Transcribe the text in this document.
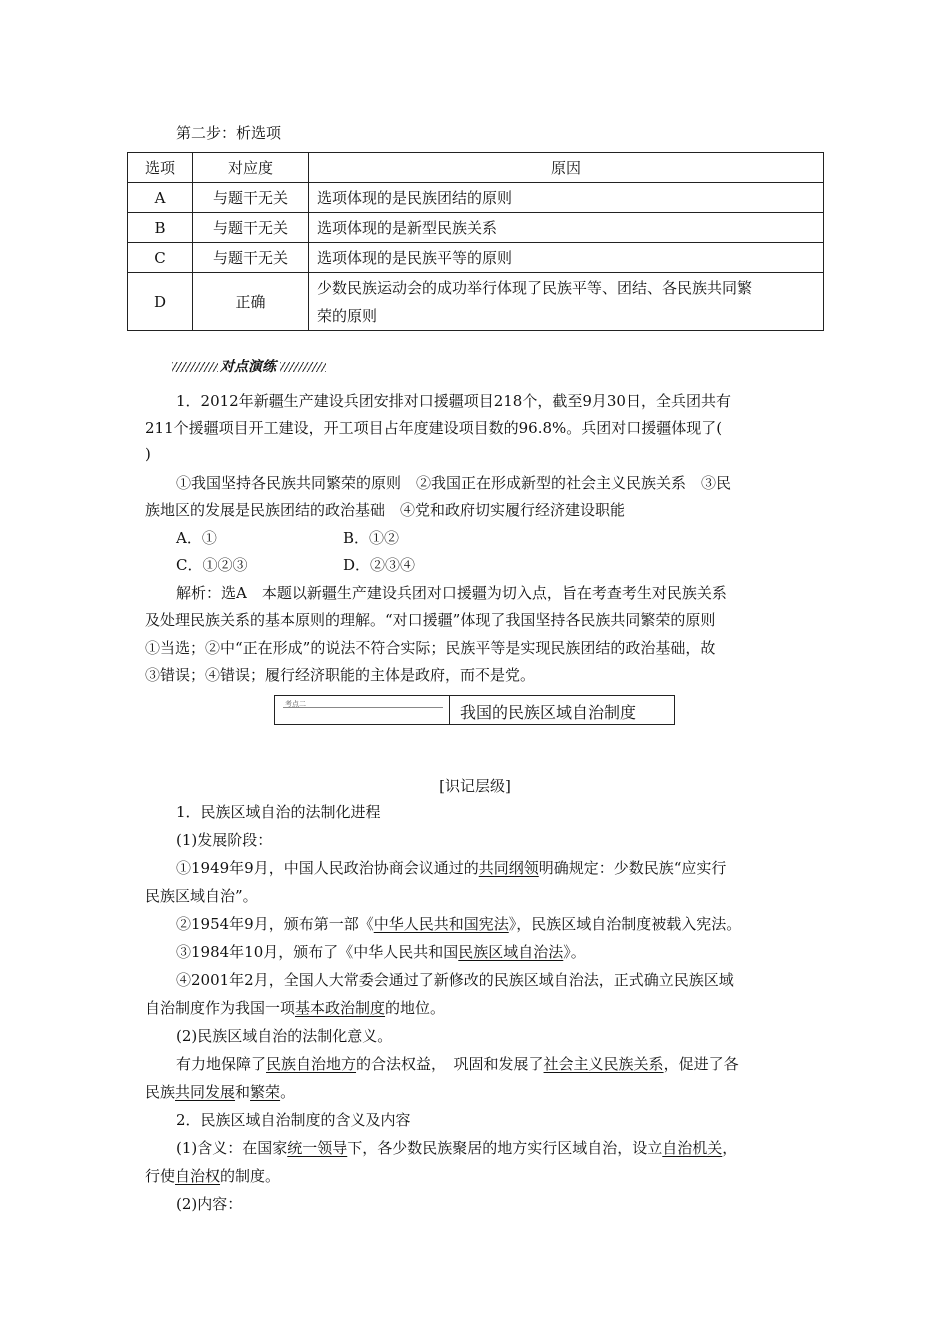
第二步：析选项
选项	对应度	原因
A	与题干无关	选项体现的是民族团结的原则
B	与题干无关	选项体现的是新型民族关系
C	与题干无关	选项体现的是民族平等的原则
D	正确	少数民族运动会的成功举行体现了民族平等、团结、各民族共同繁
荣的原则
对点演练
1．2012年新疆生产建设兵团安排对口援疆项目218个，截至9月30日，全兵团共有
211个援疆项目开工建设，开工项目占年度建设项目数的96.8%。兵团对口援疆体现了(
)
①我国坚持各民族共同繁荣的原则　②我国正在形成新型的社会主义民族关系　③民
族地区的发展是民族团结的政治基础　④党和政府切实履行经济建设职能
A．①	B．①②
C．①②③	D．②③④
解析：选A　本题以新疆生产建设兵团对口援疆为切入点，旨在考查考生对民族关系
及处理民族关系的基本原则的理解。“对口援疆”体现了我国坚持各民族共同繁荣的原则
①当选；②中“正在形成”的说法不符合实际；民族平等是实现民族团结的政治基础，故
③错误；④错误；履行经济职能的主体是政府，而不是党。
考点二	我国的民族区域自治制度
[识记层级]
1．民族区域自治的法制化进程
(1)发展阶段：
①1949年9月，中国人民政治协商会议通过的共同纲领明确规定：少数民族“应实行
民族区域自治”。
②1954年9月，颁布第一部《中华人民共和国宪法》，民族区域自治制度被载入宪法。
③1984年10月，颁布了《中华人民共和国民族区域自治法》。
④2001年2月，全国人大常委会通过了新修改的民族区域自治法，正式确立民族区域
自治制度作为我国一项基本政治制度的地位。
(2)民族区域自治的法制化意义。
有力地保障了民族自治地方的合法权益，　巩固和发展了社会主义民族关系，促进了各
民族共同发展和繁荣。
2．民族区域自治制度的含义及内容
(1)含义：在国家统一领导下，各少数民族聚居的地方实行区域自治，设立自治机关，
行使自治权的制度。
(2)内容：
